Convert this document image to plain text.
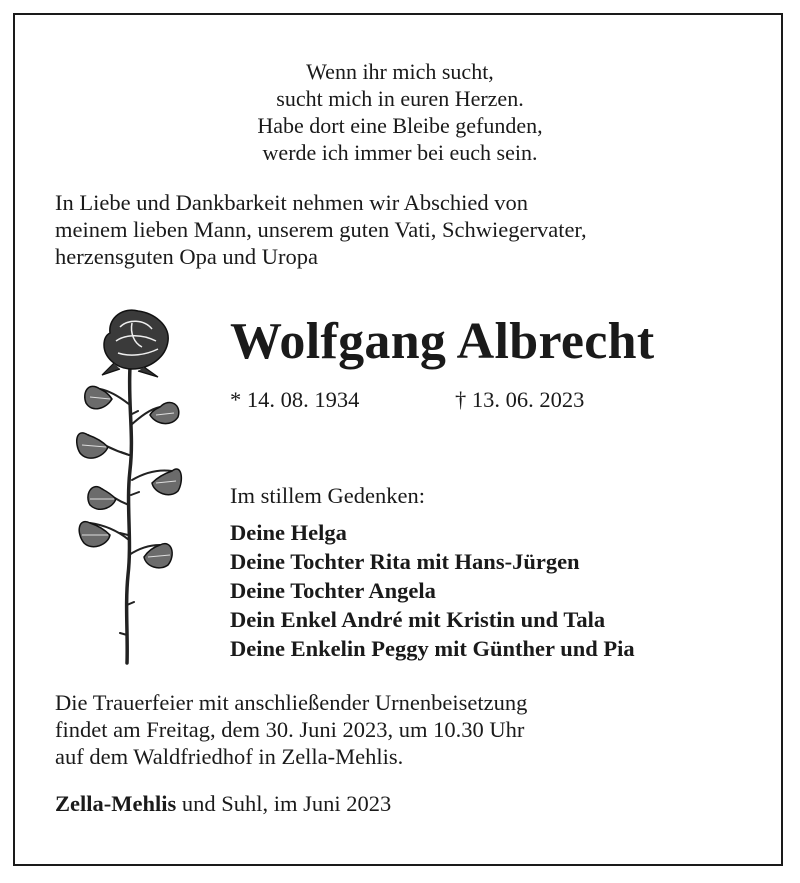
Wenn ihr mich sucht,
sucht mich in euren Herzen.
Habe dort eine Bleibe gefunden,
werde ich immer bei euch sein.
In Liebe und Dankbarkeit nehmen wir Abschied von
meinem lieben Mann, unserem guten Vati, Schwiegervater,
herzensguten Opa und Uropa
Wolfgang Albrecht
* 14. 08. 1934	† 13. 06. 2023
Im stillem Gedenken:
Deine Helga
Deine Tochter Rita mit Hans-Jürgen
Deine Tochter Angela
Dein Enkel André mit Kristin und Tala
Deine Enkelin Peggy mit Günther und Pia
Die Trauerfeier mit anschließender Urnenbeisetzung
findet am Freitag, dem 30. Juni 2023, um 10.30 Uhr
auf dem Waldfriedhof in Zella-Mehlis.
Zella-Mehlis und Suhl, im Juni 2023
